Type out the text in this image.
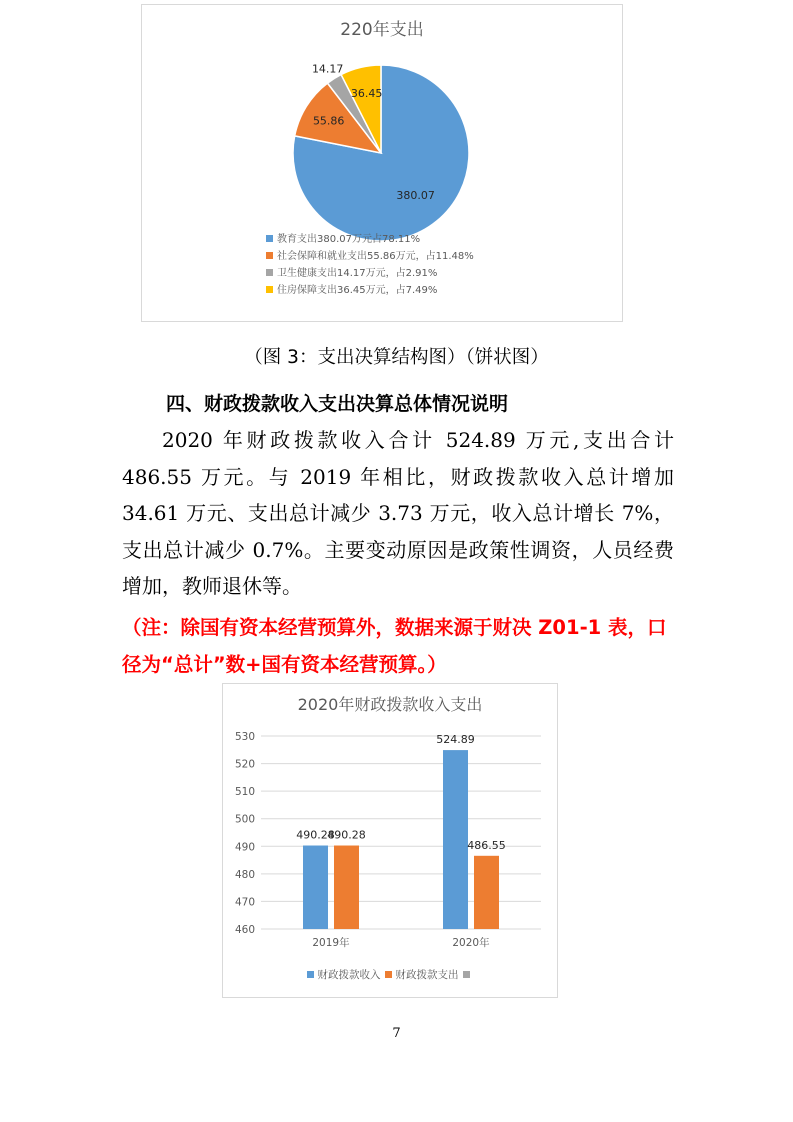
220年支出
380.07
55.86
14.17
36.45
教育支出380.07万元占78.11%
社会保障和就业支出55.86万元，占11.48%
卫生健康支出14.17万元，占2.91%
住房保障支出36.45万元，占7.49%
（图 3：支出决算结构图）（饼状图）
四、财政拨款收入支出决算总体情况说明
2020 年财政拨款收入合计 524.89 万元,支出合计 486.55 万元。与 2019 年相比，财政拨款收入总计增加 34.61 万元、支出总计减少 3.73 万元，收入总计增长 7%，支出总计减少 0.7%。主要变动原因是政策性调资，人员经费增加，教师退休等。
（注：除国有资本经营预算外，数据来源于财决 Z01-1 表，口径为“总计”数+国有资本经营预算。）
2020年财政拨款收入支出
460
470
480
490
500
510
520
530
490.28
490.28
2019年
524.89
486.55
2020年
财政拨款收入 财政拨款支出
7
